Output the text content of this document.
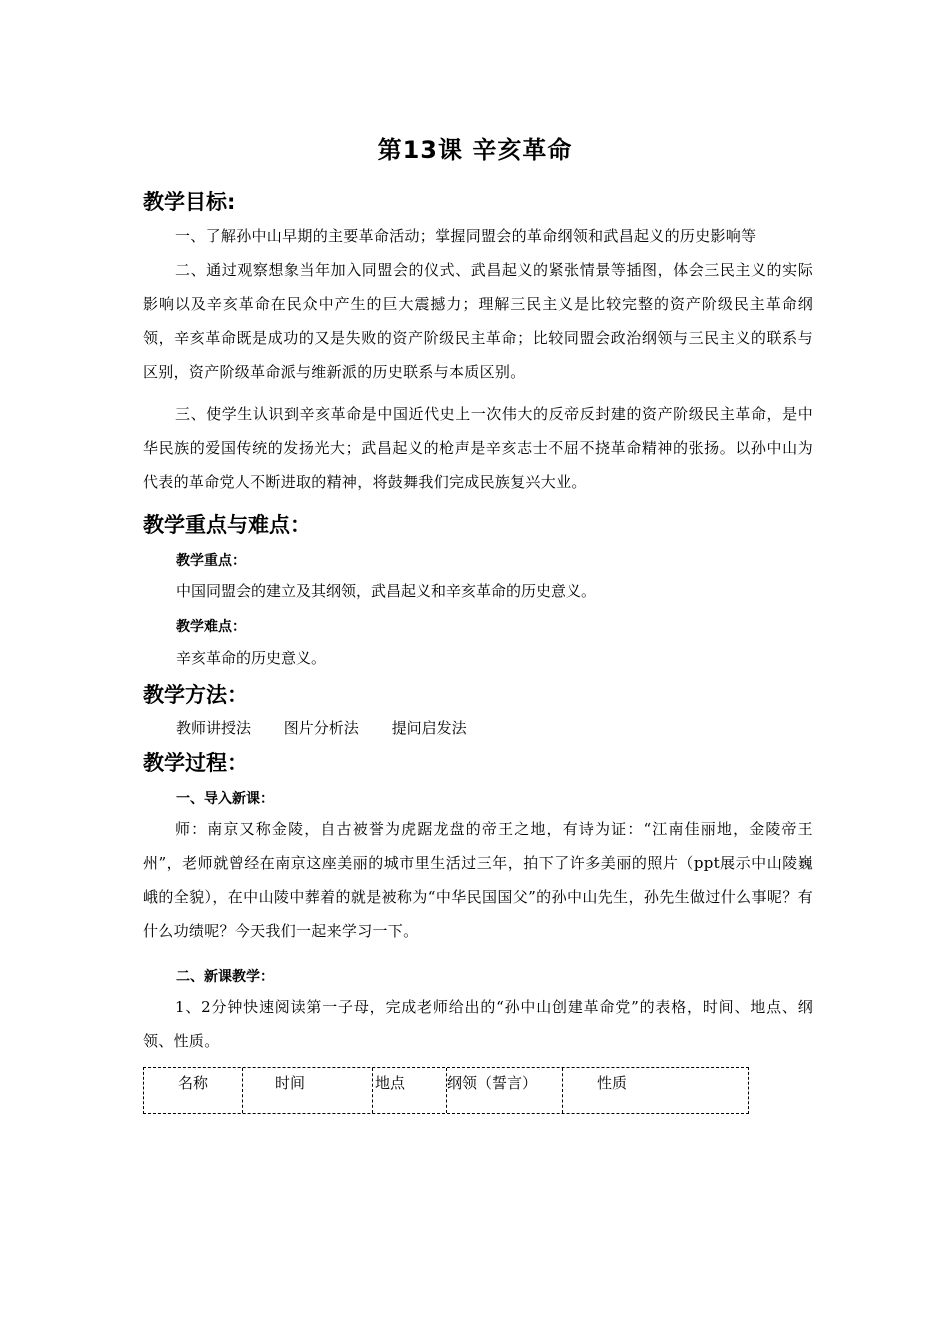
第13课 辛亥革命
教学目标:

一、了解孙中山早期的主要革命活动；掌握同盟会的革命纲领和武昌起义的历史影响等

二、通过观察想象当年加入同盟会的仪式、武昌起义的紧张情景等插图，体会三民主义的实际影响以及辛亥革命在民众中产生的巨大震撼力；理解三民主义是比较完整的资产阶级民主革命纲领，辛亥革命既是成功的又是失败的资产阶级民主革命；比较同盟会政治纲领与三民主义的联系与区别，资产阶级革命派与维新派的历史联系与本质区别。

三、使学生认识到辛亥革命是中国近代史上一次伟大的反帝反封建的资产阶级民主革命，是中华民族的爱国传统的发扬光大；武昌起义的枪声是辛亥志士不屈不挠革命精神的张扬。以孙中山为代表的革命党人不断进取的精神，将鼓舞我们完成民族复兴大业。

教学重点与难点：
教学重点：
中国同盟会的建立及其纲领，武昌起义和辛亥革命的历史意义。
教学难点：
辛亥革命的历史意义。
教学方法：
教师讲授法 图片分析法 提问启发法
教学过程：
一、导入新课：

师：南京又称金陵，自古被誉为虎踞龙盘的帝王之地，有诗为证：“江南佳丽地，金陵帝王州”，老师就曾经在南京这座美丽的城市里生活过三年，拍下了许多美丽的照片（ppt展示中山陵巍峨的全貌），在中山陵中葬着的就是被称为“中华民国国父”的孙中山先生，孙先生做过什么事呢？有什么功绩呢？今天我们一起来学习一下。

二、新课教学：

1、2分钟快速阅读第一子母，完成老师给出的“孙中山创建革命党”的表格，时间、地点、纲领、性质。

名称	时间	地点	纲领（誓言）	性质
